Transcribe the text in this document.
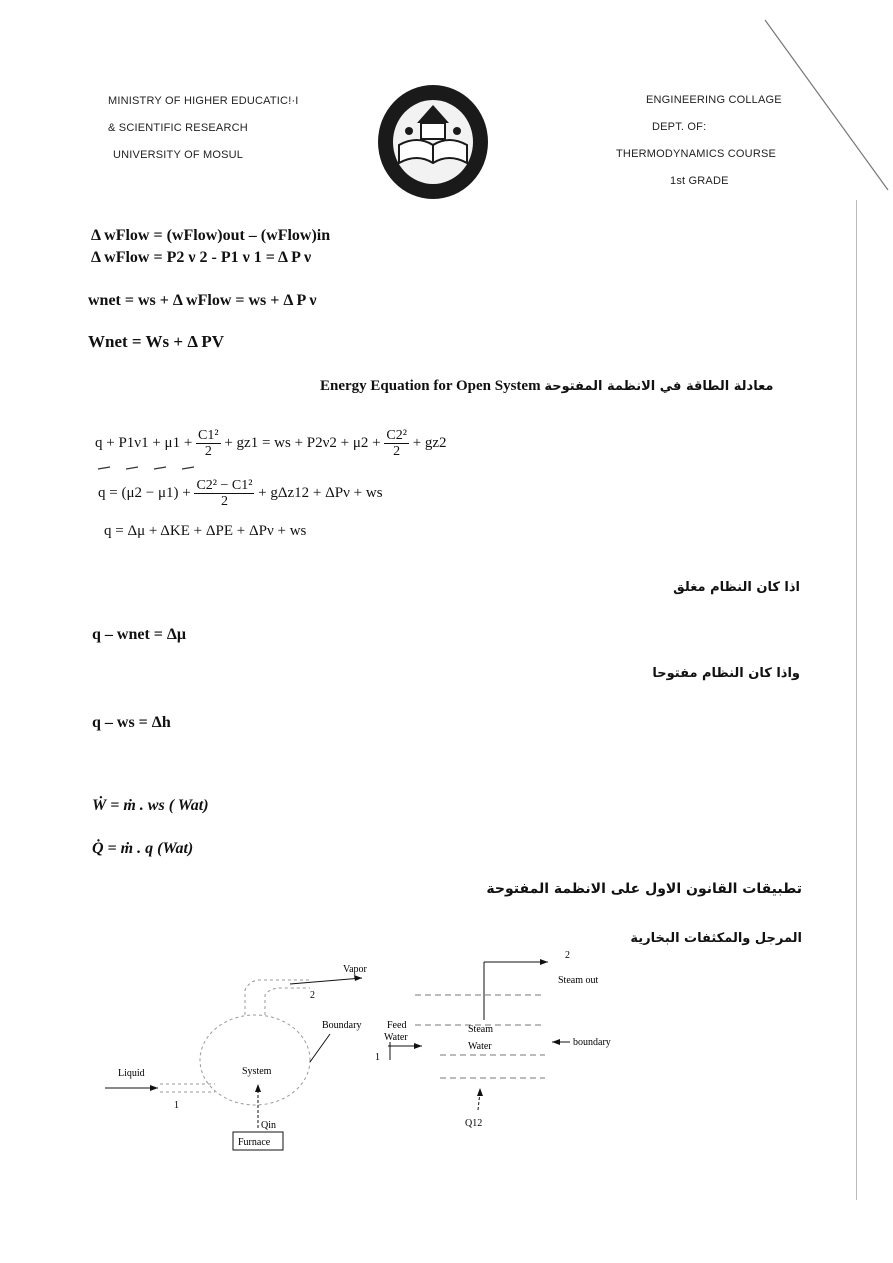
MINISTRY OF HIGHER EDUCATIC!·I
& SCIENTIFIC RESEARCH
UNIVERSITY OF MOSUL
ENGINEERING COLLAGE
DEPT. OF:
THERMODYNAMICS COURSE
1st GRADE
Δ wFlow = (wFlow)out – (wFlow)in
Δ wFlow = P2 ν 2 - P1 ν 1 = Δ P ν
wnet = ws + Δ wFlow = ws + Δ P ν
Wnet = Ws + Δ PV
Energy Equation for Open System معادلة الطاقة في الانظمة المفتوحة
$q + P1\nu 1 + \mu 1 + \frac{\text{C1²}}{2} + gz1$ = ws + $P2\nu 2 + \mu 2 + \frac{\text{C2²}}{2} + gz2$
$q = (\mu 2 - \mu 1) + \frac{\text{C2² − C1²}}{2} + g\Delta z12 + \Delta P\nu$ + ws
q = Δμ + ΔKE + ΔPE + ΔPν + ws
اذا كان النظام مغلق
q – wnet = Δμ
واذا كان النظام مفتوحا
q – ws = Δh
Ẇ = ṁ . ws ( Wat)
Q̇ = ṁ . q (Wat)
تطبيقات القانون الاول على الانظمة المفتوحة
المرجل والمكثفات البخارية
Vapor
2
Liquid
1
System
Boundary
Qin
Furnace
Feed
Water
1
2
Steam out
Steam
Water	boundary
Q12
